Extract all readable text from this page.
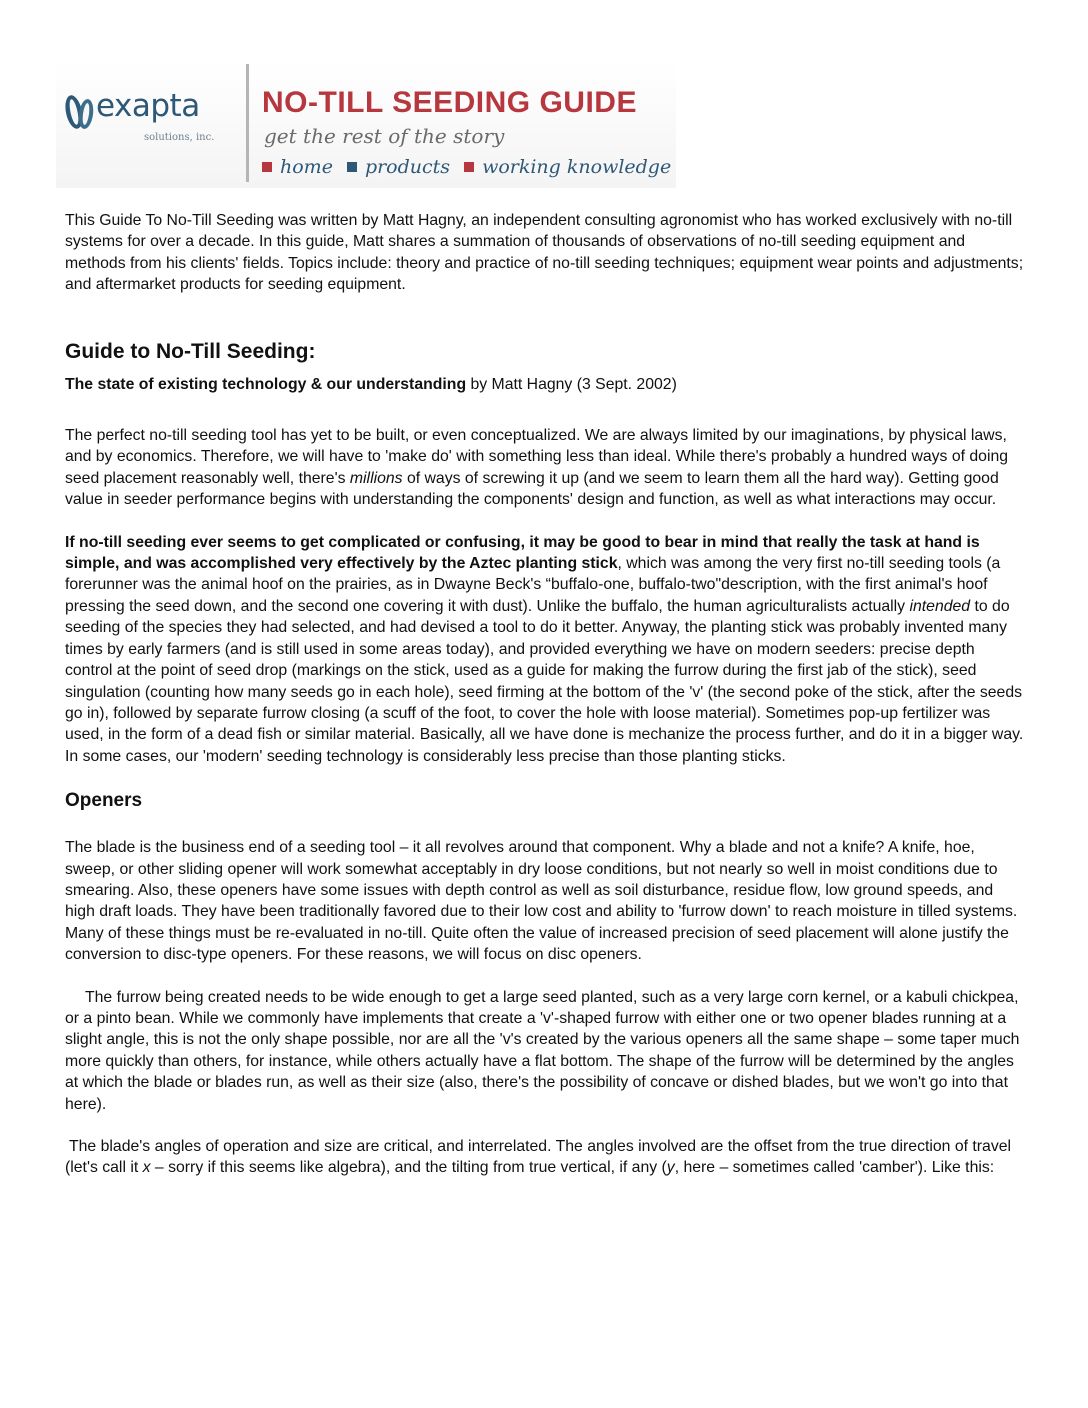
exapta
solutions, inc.
NO-TILL SEEDING GUIDE
get the rest of the story
home products working knowledge

This Guide To No-Till Seeding was written by Matt Hagny, an independent consulting agronomist who has worked exclusively with no-till systems for over a decade. In this guide, Matt shares a summation of thousands of observations of no-till seeding equipment and methods from his clients' fields. Topics include: theory and practice of no-till seeding techniques; equipment wear points and adjustments; and aftermarket products for seeding equipment.

Guide to No-Till Seeding:

The state of existing technology & our understanding by Matt Hagny (3 Sept. 2002)

The perfect no-till seeding tool has yet to be built, or even conceptualized. We are always limited by our imaginations, by physical laws, and by economics. Therefore, we will have to 'make do' with something less than ideal. While there's probably a hundred ways of doing seed placement reasonably well, there's millions of ways of screwing it up (and we seem to learn them all the hard way). Getting good value in seeder performance begins with understanding the components' design and function, as well as what interactions may occur.

If no-till seeding ever seems to get complicated or confusing, it may be good to bear in mind that really the task at hand is simple, and was accomplished very effectively by the Aztec planting stick, which was among the very first no-till seeding tools (a forerunner was the animal hoof on the prairies, as in Dwayne Beck's “buffalo-one, buffalo-two"description, with the first animal's hoof pressing the seed down, and the second one covering it with dust). Unlike the buffalo, the human agriculturalists actually intended to do seeding of the species they had selected, and had devised a tool to do it better. Anyway, the planting stick was probably invented many times by early farmers (and is still used in some areas today), and provided everything we have on modern seeders: precise depth control at the point of seed drop (markings on the stick, used as a guide for making the furrow during the first jab of the stick), seed singulation (counting how many seeds go in each hole), seed firming at the bottom of the 'v' (the second poke of the stick, after the seeds go in), followed by separate furrow closing (a scuff of the foot, to cover the hole with loose material). Sometimes pop-up fertilizer was used, in the form of a dead fish or similar material. Basically, all we have done is mechanize the process further, and do it in a bigger way. In some cases, our 'modern' seeding technology is considerably less precise than those planting sticks.

Openers

The blade is the business end of a seeding tool – it all revolves around that component. Why a blade and not a knife? A knife, hoe, sweep, or other sliding opener will work somewhat acceptably in dry loose conditions, but not nearly so well in moist conditions due to smearing. Also, these openers have some issues with depth control as well as soil disturbance, residue flow, low ground speeds, and high draft loads. They have been traditionally favored due to their low cost and ability to 'furrow down' to reach moisture in tilled systems. Many of these things must be re-evaluated in no-till. Quite often the value of increased precision of seed placement will alone justify the conversion to disc-type openers. For these reasons, we will focus on disc openers.

The furrow being created needs to be wide enough to get a large seed planted, such as a very large corn kernel, or a kabuli chickpea, or a pinto bean. While we commonly have implements that create a 'v'-shaped furrow with either one or two opener blades running at a slight angle, this is not the only shape possible, nor are all the 'v's created by the various openers all the same shape – some taper much more quickly than others, for instance, while others actually have a flat bottom. The shape of the furrow will be determined by the angles at which the blade or blades run, as well as their size (also, there's the possibility of concave or dished blades, but we won't go into that here).

The blade's angles of operation and size are critical, and interrelated. The angles involved are the offset from the true direction of travel (let's call it x – sorry if this seems like algebra), and the tilting from true vertical, if any (y, here – sometimes called 'camber'). Like this:
